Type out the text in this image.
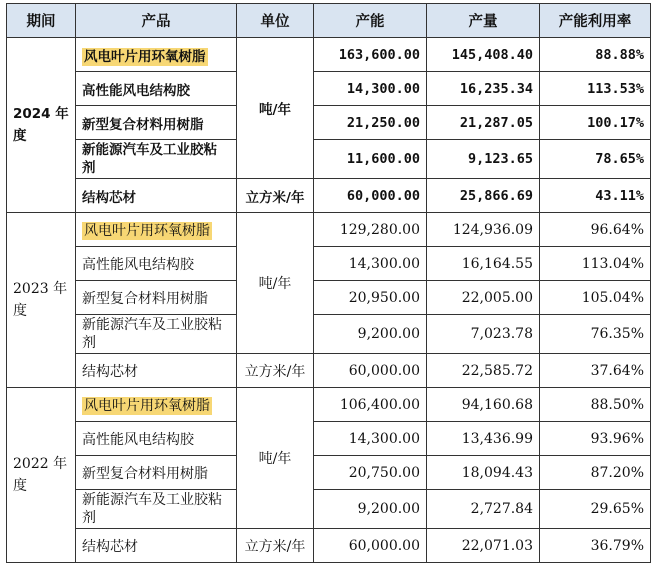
期间	产品	单位	产能	产量	产能利用率
2024 年度	风电叶片用环氧树脂	吨/年	163,600.00	145,408.40	88.88%
	高性能风电结构胶		14,300.00	16,235.34	113.53%
	新型复合材料用树脂		21,250.00	21,287.05	100.17%
	新能源汽车及工业胶粘剂		11,600.00	9,123.65	78.65%
	结构芯材	立方米/年	60,000.00	25,866.69	43.11%
2023 年度	风电叶片用环氧树脂	吨/年	129,280.00	124,936.09	96.64%
	高性能风电结构胶		14,300.00	16,164.55	113.04%
	新型复合材料用树脂		20,950.00	22,005.00	105.04%
	新能源汽车及工业胶粘剂		9,200.00	7,023.78	76.35%
	结构芯材	立方米/年	60,000.00	22,585.72	37.64%
2022 年度	风电叶片用环氧树脂	吨/年	106,400.00	94,160.68	88.50%
	高性能风电结构胶		14,300.00	13,436.99	93.96%
	新型复合材料用树脂		20,750.00	18,094.43	87.20%
	新能源汽车及工业胶粘剂		9,200.00	2,727.84	29.65%
	结构芯材	立方米/年	60,000.00	22,071.03	36.79%
